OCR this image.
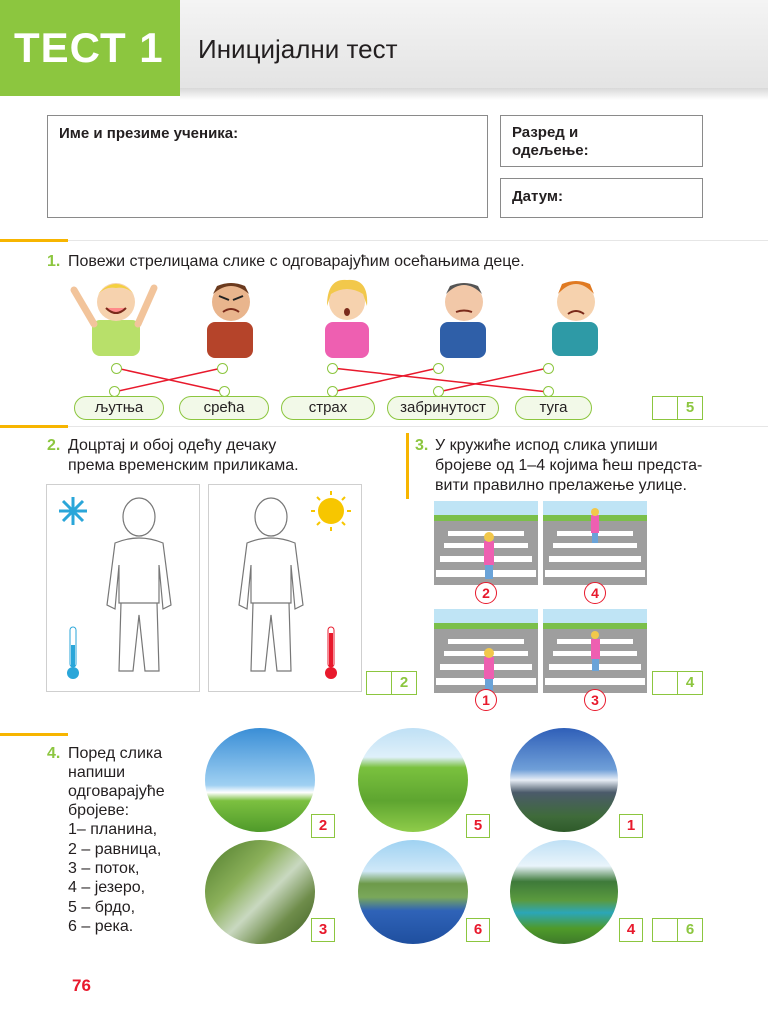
ТЕСТ 1 Иницијални тест
Име и презиме ученика:	Разред и одељење:
Датум:
1. Повежи стрелицама слике с одговарајућим осећањима деце.
љутња	срећа	страх	забринутост	туга	5
2. Доцртај и обој одећу дечаку
према временским приликама.
2
3. У кружиће испод слика упиши
бројеве од 1–4 којима ћеш предста-
вити правилно прелажење улице.
2	4
1	3
4
4. Поред слика
напиши
одговарајуће
бројеве:
1– планина,
2 – равница,
3 – поток,
4 – језеро,
5 – брдо,
6 – река.
2	5	1
3	6	4	6
76
